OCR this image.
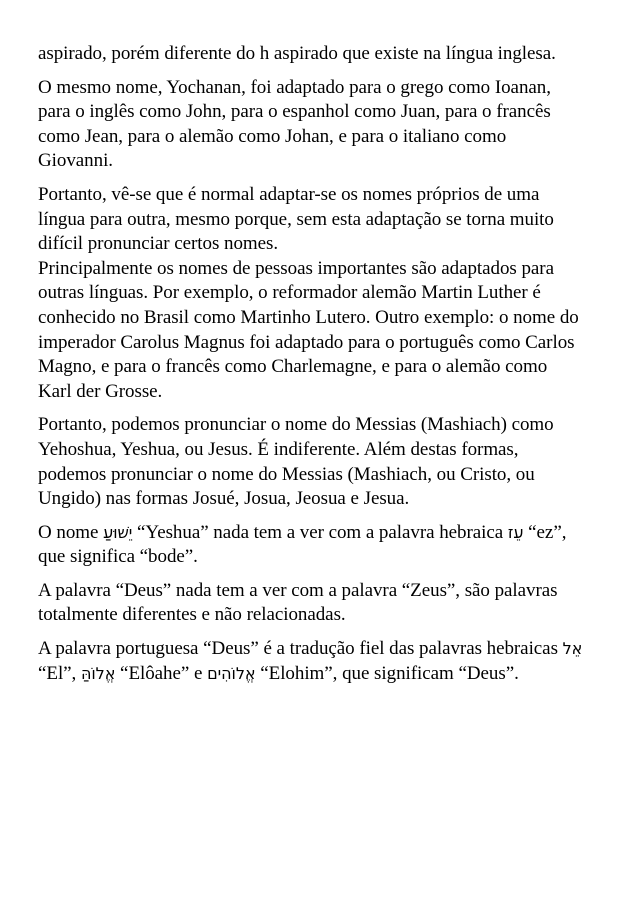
aspirado, porém diferente do h aspirado que existe na língua inglesa.

O mesmo nome, Yochanan, foi adaptado para o grego como Ioanan, para o inglês como John, para o espanhol como Juan, para o francês como Jean, para o alemão como Johan, e para o italiano como Giovanni.

Portanto, vê-se que é normal adaptar-se os nomes próprios de uma língua para outra, mesmo porque, sem esta adaptação se torna muito difícil pronunciar certos nomes.

Principalmente os nomes de pessoas importantes são adaptados para outras línguas. Por exemplo, o reformador alemão Martin Luther é conhecido no Brasil como Martinho Lutero. Outro exemplo: o nome do imperador Carolus Magnus foi adaptado para o português como Carlos Magno, e para o francês como Charlemagne, e para o alemão como Karl der Grosse.

Portanto, podemos pronunciar o nome do Messias (Mashiach) como Yehoshua, Yeshua, ou Jesus. É indiferente. Além destas formas, podemos pronunciar o nome do Messias (Mashiach, ou Cristo, ou Ungido) nas formas Josué, Josua, Jeosua e Jesua.

O nome יֵשׁוּעַ “Yeshua” nada tem a ver com a palavra hebraica עֵז “ez”, que significa “bode”.

A palavra “Deus” nada tem a ver com a palavra “Zeus”, são palavras totalmente diferentes e não relacionadas.

A palavra portuguesa “Deus” é a tradução fiel das palavras hebraicas אֵל “El”, אֱלוֹהַּ “Elôahe” e אֱלוֹהִים “Elohim”, que significam “Deus”.
